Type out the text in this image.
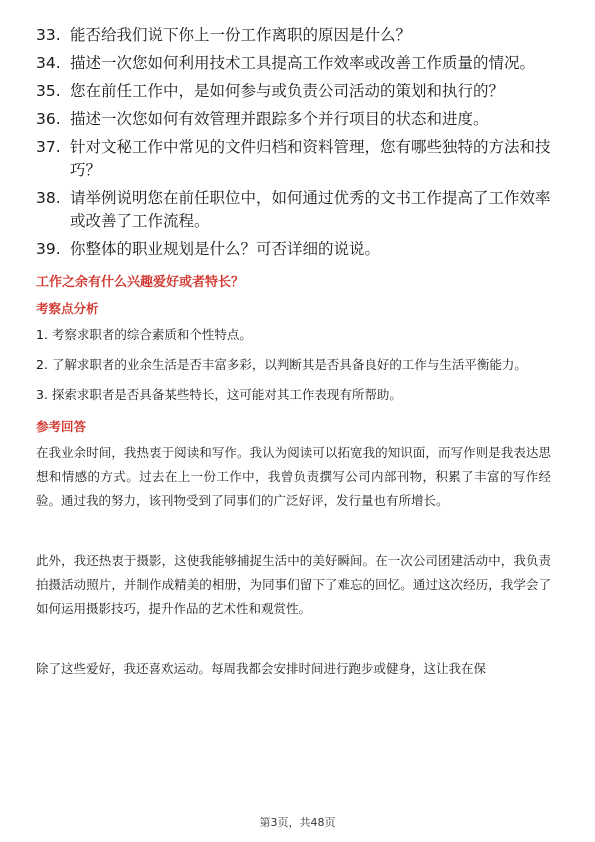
33. 能否给我们说下你上一份工作离职的原因是什么？
34. 描述一次您如何利用技术工具提高工作效率或改善工作质量的情况。
35. 您在前任工作中，是如何参与或负责公司活动的策划和执行的？
36. 描述一次您如何有效管理并跟踪多个并行项目的状态和进度。
37. 针对文秘工作中常见的文件归档和资料管理，您有哪些独特的方法和技巧？
38. 请举例说明您在前任职位中，如何通过优秀的文书工作提高了工作效率或改善了工作流程。
39. 你整体的职业规划是什么？可否详细的说说。
工作之余有什么兴趣爱好或者特长？
考察点分析

1. 考察求职者的综合素质和个性特点。

2. 了解求职者的业余生活是否丰富多彩，以判断其是否具备良好的工作与生活平衡能力。

3. 探索求职者是否具备某些特长，这可能对其工作表现有所帮助。

参考回答

在我业余时间，我热衷于阅读和写作。我认为阅读可以拓宽我的知识面，而写作则是我表达思想和情感的方式。过去在上一份工作中，我曾负责撰写公司内部刊物，积累了丰富的写作经验。通过我的努力，该刊物受到了同事们的广泛好评，发行量也有所增长。

此外，我还热衷于摄影，这使我能够捕捉生活中的美好瞬间。在一次公司团建活动中，我负责拍摄活动照片，并制作成精美的相册，为同事们留下了难忘的回忆。通过这次经历，我学会了如何运用摄影技巧，提升作品的艺术性和观赏性。

除了这些爱好，我还喜欢运动。每周我都会安排时间进行跑步或健身，这让我在保

第3页，共48页
